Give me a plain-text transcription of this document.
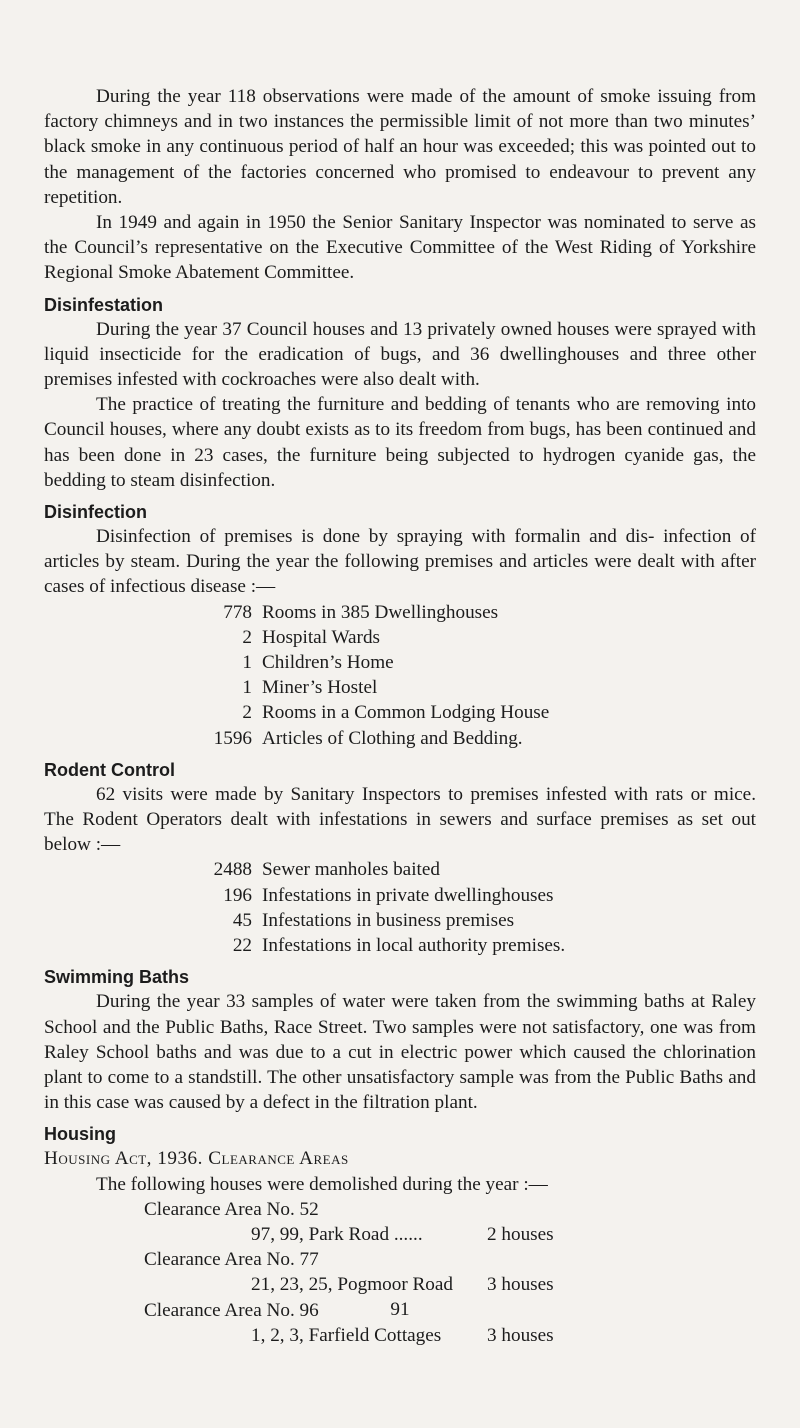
During the year 118 observations were made of the amount of smoke issuing from factory chimneys and in two instances the permissible limit of not more than two minutes’ black smoke in any continuous period of half an hour was exceeded; this was pointed out to the management of the factories concerned who promised to endeavour to prevent any repetition.

In 1949 and again in 1950 the Senior Sanitary Inspector was nominated to serve as the Council’s representative on the Executive Committee of the West Riding of Yorkshire Regional Smoke Abatement Committee.

Disinfestation

During the year 37 Council houses and 13 privately owned houses were sprayed with liquid insecticide for the eradication of bugs, and 36 dwellinghouses and three other premises infested with cockroaches were also dealt with.

The practice of treating the furniture and bedding of tenants who are removing into Council houses, where any doubt exists as to its freedom from bugs, has been continued and has been done in 23 cases, the furniture being subjected to hydrogen cyanide gas, the bedding to steam disinfection.

Disinfection

Disinfection of premises is done by spraying with formalin and dis- infection of articles by steam. During the year the following premises and articles were dealt with after cases of infectious disease :—

778 Rooms in 385 Dwellinghouses
2 Hospital Wards
1 Children’s Home
1 Miner’s Hostel
2 Rooms in a Common Lodging House
1596 Articles of Clothing and Bedding.
Rodent Control

62 visits were made by Sanitary Inspectors to premises infested with rats or mice. The Rodent Operators dealt with infestations in sewers and surface premises as set out below :—

2488 Sewer manholes baited
196 Infestations in private dwellinghouses
45 Infestations in business premises
22 Infestations in local authority premises.
Swimming Baths

During the year 33 samples of water were taken from the swimming baths at Raley School and the Public Baths, Race Street. Two samples were not satisfactory, one was from Raley School baths and was due to a cut in electric power which caused the chlorination plant to come to a standstill. The other unsatisfactory sample was from the Public Baths and in this case was caused by a defect in the filtration plant.

Housing
Housing Act, 1936. Clearance Areas

The following houses were demolished during the year :—

Clearance Area No. 52
97, 99, Park Road ......	2 houses
Clearance Area No. 77
21, 23, 25, Pogmoor Road	3 houses
Clearance Area No. 96
1, 2, 3, Farfield Cottages	3 houses
91
